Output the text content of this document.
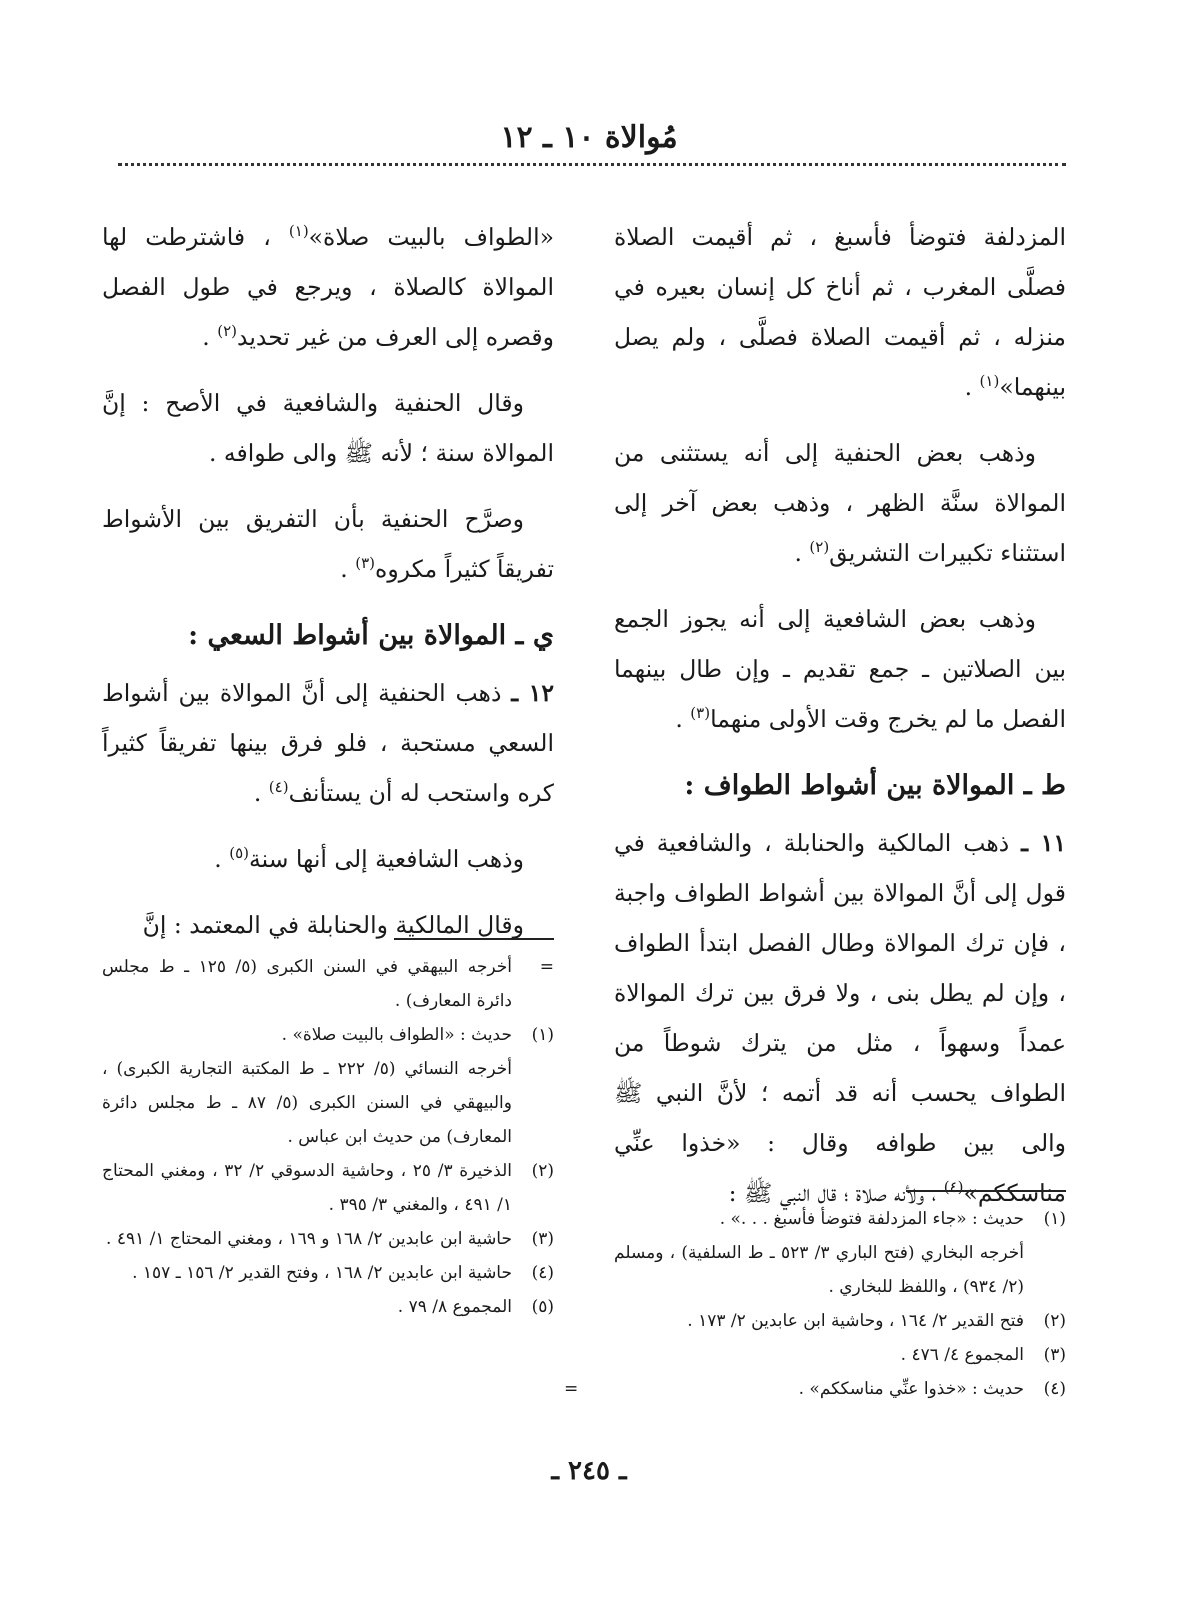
مُوالاة ١٠ ـ ١٢

المزدلفة فتوضأ فأسبغ ، ثم أقيمت الصلاة فصلَّى المغرب ، ثم أناخ كل إنسان بعيره في منزله ، ثم أقيمت الصلاة فصلَّى ، ولم يصل بينهما»$^{(١)}$ .

وذهب بعض الحنفية إلى أنه يستثنى من الموالاة سنَّة الظهر ، وذهب بعض آخر إلى استثناء تكبيرات التشريق$^{(٢)}$ .

وذهب بعض الشافعية إلى أنه يجوز الجمع بين الصلاتين ـ جمع تقديم ـ وإن طال بينهما الفصل ما لم يخرج وقت الأولى منهما$^{(٣)}$ .

ط ـ الموالاة بين أشواط الطواف :

١١ ـ ذهب المالكية والحنابلة ، والشافعية في قول إلى أنَّ الموالاة بين أشواط الطواف واجبة ، فإن ترك الموالاة وطال الفصل ابتدأ الطواف ، وإن لم يطل بنى ، ولا فرق بين ترك الموالاة عمداً وسهواً ، مثل من يترك شوطاً من الطواف يحسب أنه قد أتمه ؛ لأنَّ النبي ﷺ والى بين طوافه وقال : «خذوا عنِّي مناسككم»$^{(٤)}$ ، ولأنه صلاة ؛ قال النبي ﷺ :

«الطواف بالبيت صلاة»$^{(١)}$ ، فاشترطت لها الموالاة كالصلاة ، ويرجع في طول الفصل وقصره إلى العرف من غير تحديد$^{(٢)}$ .

وقال الحنفية والشافعية في الأصح : إنَّ الموالاة سنة ؛ لأنه ﷺ والى طوافه .

وصرَّح الحنفية بأن التفريق بين الأشواط تفريقاً كثيراً مكروه$^{(٣)}$ .

ي ـ الموالاة بين أشواط السعي :

١٢ ـ ذهب الحنفية إلى أنَّ الموالاة بين أشواط السعي مستحبة ، فلو فرق بينها تفريقاً كثيراً كره واستحب له أن يستأنف$^{(٤)}$ .

وذهب الشافعية إلى أنها سنة$^{(٥)}$ .

وقال المالكية والحنابلة في المعتمد : إنَّ

=
أخرجه البيهقي في السنن الكبرى (٥/ ١٢٥ ـ ط مجلس دائرة المعارف) .

(١)
حديث : «الطواف بالبيت صلاة» .

أخرجه النسائي (٥/ ٢٢٢ ـ ط المكتبة التجارية الكبرى) ، والبيهقي في السنن الكبرى (٥/ ٨٧ ـ ط مجلس دائرة المعارف) من حديث ابن عباس .

(٢)
الذخيرة ٣/ ٢٥ ، وحاشية الدسوقي ٢/ ٣٢ ، ومغني المحتاج ١/ ٤٩١ ، والمغني ٣/ ٣٩٥ .

(٣)
حاشية ابن عابدين ٢/ ١٦٨ و ١٦٩ ، ومغني المحتاج ١/ ٤٩١ .

(٤)
حاشية ابن عابدين ٢/ ١٦٨ ، وفتح القدير ٢/ ١٥٦ ـ ١٥٧ .

(٥)
المجموع ٨/ ٧٩ .

(١)
حديث : «جاء المزدلفة فتوضأ فأسبغ . . .» .

أخرجه البخاري (فتح الباري ٣/ ٥٢٣ ـ ط السلفية) ، ومسلم (٢/ ٩٣٤) ، واللفظ للبخاري .

(٢)
فتح القدير ٢/ ١٦٤ ، وحاشية ابن عابدين ٢/ ١٧٣ .

(٣)
المجموع ٤/ ٤٧٦ .

(٤)
حديث : «خذوا عنِّي مناسككم» .
=

ـ ٢٤٥ ـ
